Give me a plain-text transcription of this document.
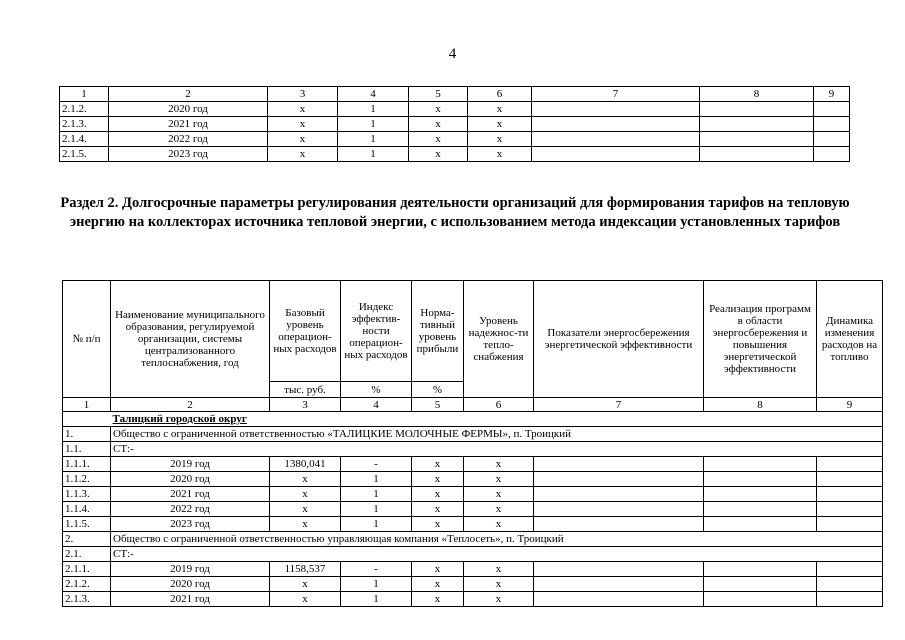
4
1	2	3	4	5	6	7	8	9
2.1.2.	2020 год	х	1	х	х			
2.1.3.	2021 год	х	1	х	х			
2.1.4.	2022 год	х	1	х	х			
2.1.5.	2023 год	х	1	х	х			
Раздел 2. Долгосрочные параметры регулирования деятельности организаций для формирования тарифов на тепловую энергию на коллекторах источника тепловой энергии, с использованием метода индексации установленных тарифов
№ п/п	Наименование муниципального образования, регулируемой организации, системы централизованного теплоснабжения, год	Базовый уровень операцион-ных расходов	Индекс эффектив-ности операцион-ных расходов	Норма-тивный уровень прибыли	Уровень надежнос-ти тепло-снабжения	Показатели энергосбережения энергетической эффективности	Реализация программ в области энергосбережения и повышения энергетической эффективности	Динамика изменения расходов на топливо
		тыс. руб.	%	%				
1	2	3	4	5	6	7	8	9
	Талицкий городской округ							
1.	Общество с ограниченной ответственностью «ТАЛИЦКИЕ МОЛОЧНЫЕ ФЕРМЫ», п. Троицкий							
1.1.	СТ:-							
1.1.1.	2019 год	1380,041	-	х	х			
1.1.2.	2020 год	х	1	х	х			
1.1.3.	2021 год	х	1	х	х			
1.1.4.	2022 год	х	1	х	х			
1.1.5.	2023 год	х	1	х	х			
2.	Общество с ограниченной ответственностью управляющая компания «Теплосеть», п. Троицкий							
2.1.	СТ:-							
2.1.1.	2019 год	1158,537	-	х	х			
2.1.2.	2020 год	х	1	х	х			
2.1.3.	2021 год	х	1	х	х			
